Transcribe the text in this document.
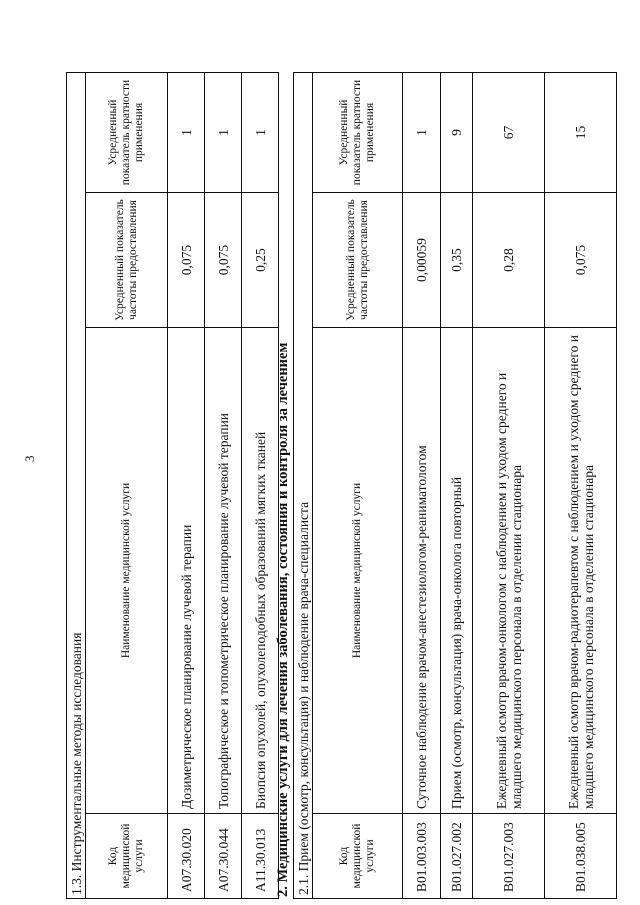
3
1.3. Инструментальные методы исследования			
Код медицинской услуги	Наименование медицинской услуги	Усредненный показатель частоты предоставления	Усредненный показатель кратности применения
A07.30.020	Дозиметрическое планирование лучевой терапии	0,075	1
A07.30.044	Топографическое и топометрическое планирование лучевой терапии	0,075	1
A11.30.013	Биопсия опухолей, опухолеподобных образований мягких тканей	0,25	1
2. Медицинские услуги для лечения заболевания, состояния и контроля за лечением 2.1. Прием (осмотр, консультация) и наблюдение врача-специалиста			
Код медицинской услуги	Наименование медицинской услуги	Усредненный показатель частоты предоставления	Усредненный показатель кратности применения
B01.003.003	Суточное наблюдение врачом-анестезиологом-реаниматологом	0,00059	1
B01.027.002	Прием (осмотр, консультация) врача-онколога повторный	0,35	9
B01.027.003	Ежедневный осмотр врачом-онкологом с наблюдением и уходом среднего и младшего медицинского персонала в отделении стационара	0,28	67
B01.038.005	Ежедневный осмотр врачом-радиотерапевтом с наблюдением и уходом среднего и младшего медицинского персонала в отделении стационара	0,075	15
